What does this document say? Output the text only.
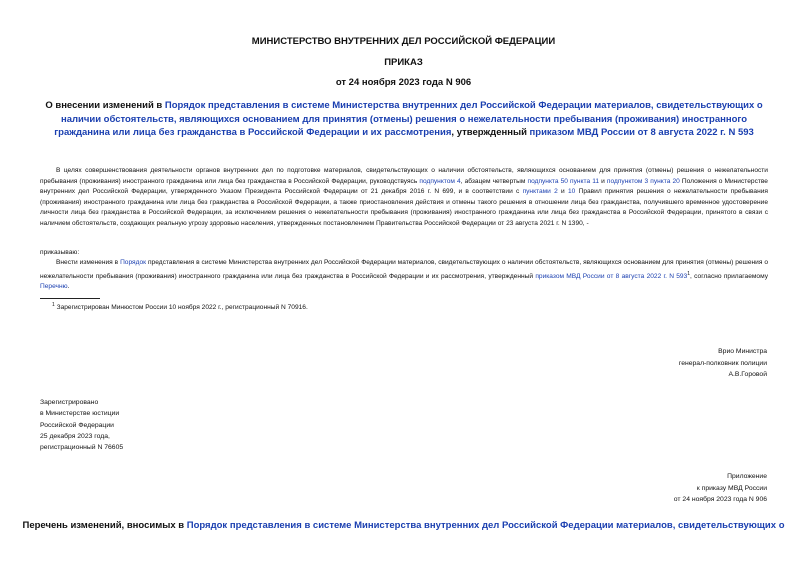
МИНИСТЕРСТВО ВНУТРЕННИХ ДЕЛ РОССИЙСКОЙ ФЕДЕРАЦИИ
ПРИКАЗ
от 24 ноября 2023 года N 906
О внесении изменений в Порядок представления в системе Министерства внутренних дел Российской Федерации материалов, свидетельствующих о наличии обстоятельств, являющихся основанием для принятия (отмены) решения о нежелательности пребывания (проживания) иностранного гражданина или лица без гражданства в Российской Федерации и их рассмотрения, утвержденный приказом МВД России от 8 августа 2022 г. N 593
В целях совершенствования деятельности органов внутренних дел по подготовке материалов, свидетельствующих о наличии обстоятельств, являющихся основанием для принятия (отмены) решения о нежелательности пребывания (проживания) иностранного гражданина или лица без гражданства в Российской Федерации, руководствуясь подпунктом 4, абзацем четвертым подпункта 50 пункта 11 и подпунктом 3 пункта 20 Положения о Министерстве внутренних дел Российской Федерации, утвержденного Указом Президента Российской Федерации от 21 декабря 2016 г. N 699, и в соответствии с пунктами 2 и 10 Правил принятия решения о нежелательности пребывания (проживания) иностранного гражданина или лица без гражданства в Российской Федерации, а также приостановления действия и отмены такого решения в отношении лица без гражданства, получившего временное удостоверение личности лица без гражданства в Российской Федерации, за исключением решения о нежелательности пребывания (проживания) иностранного гражданина или лица без гражданства в Российской Федерации, принятого в связи с наличием обстоятельств, создающих реальную угрозу здоровью населения, утвержденных постановлением Правительства Российской Федерации от 23 августа 2021 г. N 1390, -
приказываю:
Внести изменения в Порядок представления в системе Министерства внутренних дел Российской Федерации материалов, свидетельствующих о наличии обстоятельств, являющихся основанием для принятия (отмены) решения о нежелательности пребывания (проживания) иностранного гражданина или лица без гражданства в Российской Федерации и их рассмотрения, утвержденный приказом МВД России от 8 августа 2022 г. N $593^1$, согласно прилагаемому Перечню.
$^1$ Зарегистрирован Минюстом России 10 ноября 2022 г., регистрационный N 70916.
Врио Министра
генерал-полковник полиции
А.В.Горовой
Зарегистрировано
в Министерстве юстиции
Российской Федерации
25 декабря 2023 года,
регистрационный N 76605
Приложение
к приказу МВД России
от 24 ноября 2023 года N 906
Перечень изменений, вносимых в Порядок представления в системе Министерства внутренних дел Российской Федерации материалов, свидетельствующих о
